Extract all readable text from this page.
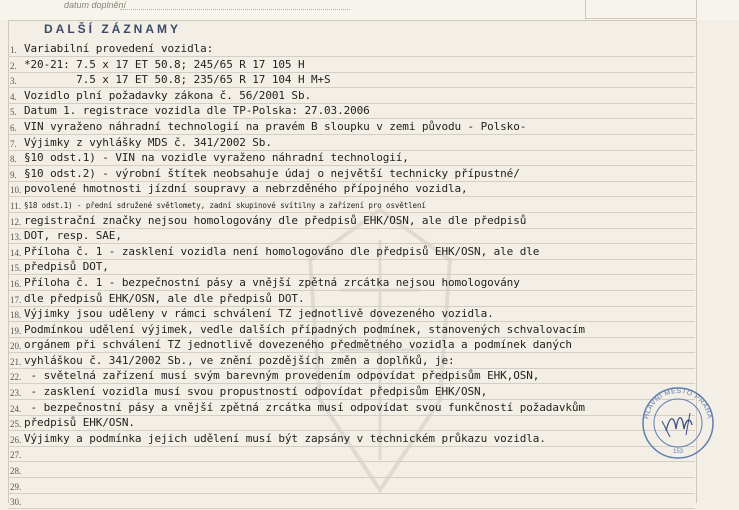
datum doplnění
DALŠÍ ZÁZNAMY
1. Variabilní provedení vozidla:
2. *20-21: 7.5 x 17 ET 50.8; 245/65 R 17 105 H
3. 7.5 x 17 ET 50.8; 235/65 R 17 104 H M+S
4. Vozidlo plní požadavky zákona č. 56/2001 Sb.
5. Datum 1. registrace vozidla dle TP-Polska: 27.03.2006
6. VIN vyraženo náhradní technologií na pravém B sloupku v zemi původu - Polsko-
7. Výjimky z vyhlášky MDS č. 341/2002 Sb.
8. §10 odst.1) - VIN na vozidle vyraženo náhradní technologií,
9. §10 odst.2) - výrobní štítek neobsahuje údaj o největší technicky přípustné/
10. povolené hmotnosti jízdní soupravy a nebrzděného přípojného vozidla,
11. §18 odst.1) - přední sdružené světlomety, zadní skupinové svítilny a zařízení pro osvětlení
12. registrační značky nejsou homologovány dle předpisů EHK/OSN, ale dle předpisů
13. DOT, resp. SAE,
14. Příloha č. 1 - zasklení vozidla není homologováno dle předpisů EHK/OSN, ale dle
15. předpisů DOT,
16. Příloha č. 1 - bezpečnostní pásy a vnější zpětná zrcátka nejsou homologovány
17. dle předpisů EHK/OSN, ale dle předpisů DOT.
18. Výjimky jsou uděleny v rámci schválení TZ jednotlivě dovezeného vozidla.
19. Podmínkou udělení výjimek, vedle dalších případných podmínek, stanovených schvalovacím
20. orgánem při schválení TZ jednotlivě dovezeného předmětného vozidla a podmínek daných
21. vyhláškou č. 341/2002 Sb., ve znění pozdějších změn a doplňků, je:
22. - světelná zařízení musí svým barevným provedením odpovídat předpisům EHK,OSN,
23. - zasklení vozidla musí svou propustností odpovídat předpisům EHK/OSN,
24. - bezpečnostní pásy a vnější zpětná zrcátka musí odpovídat svou funkčností požadavkům
25. předpisů EHK/OSN.
26. Výjimky a podmínka jejich udělení musí být zapsány v technickém průkazu vozidla.
27.
28.
29.
30.
HLAVNÍ MĚSTO PRAHA
153
